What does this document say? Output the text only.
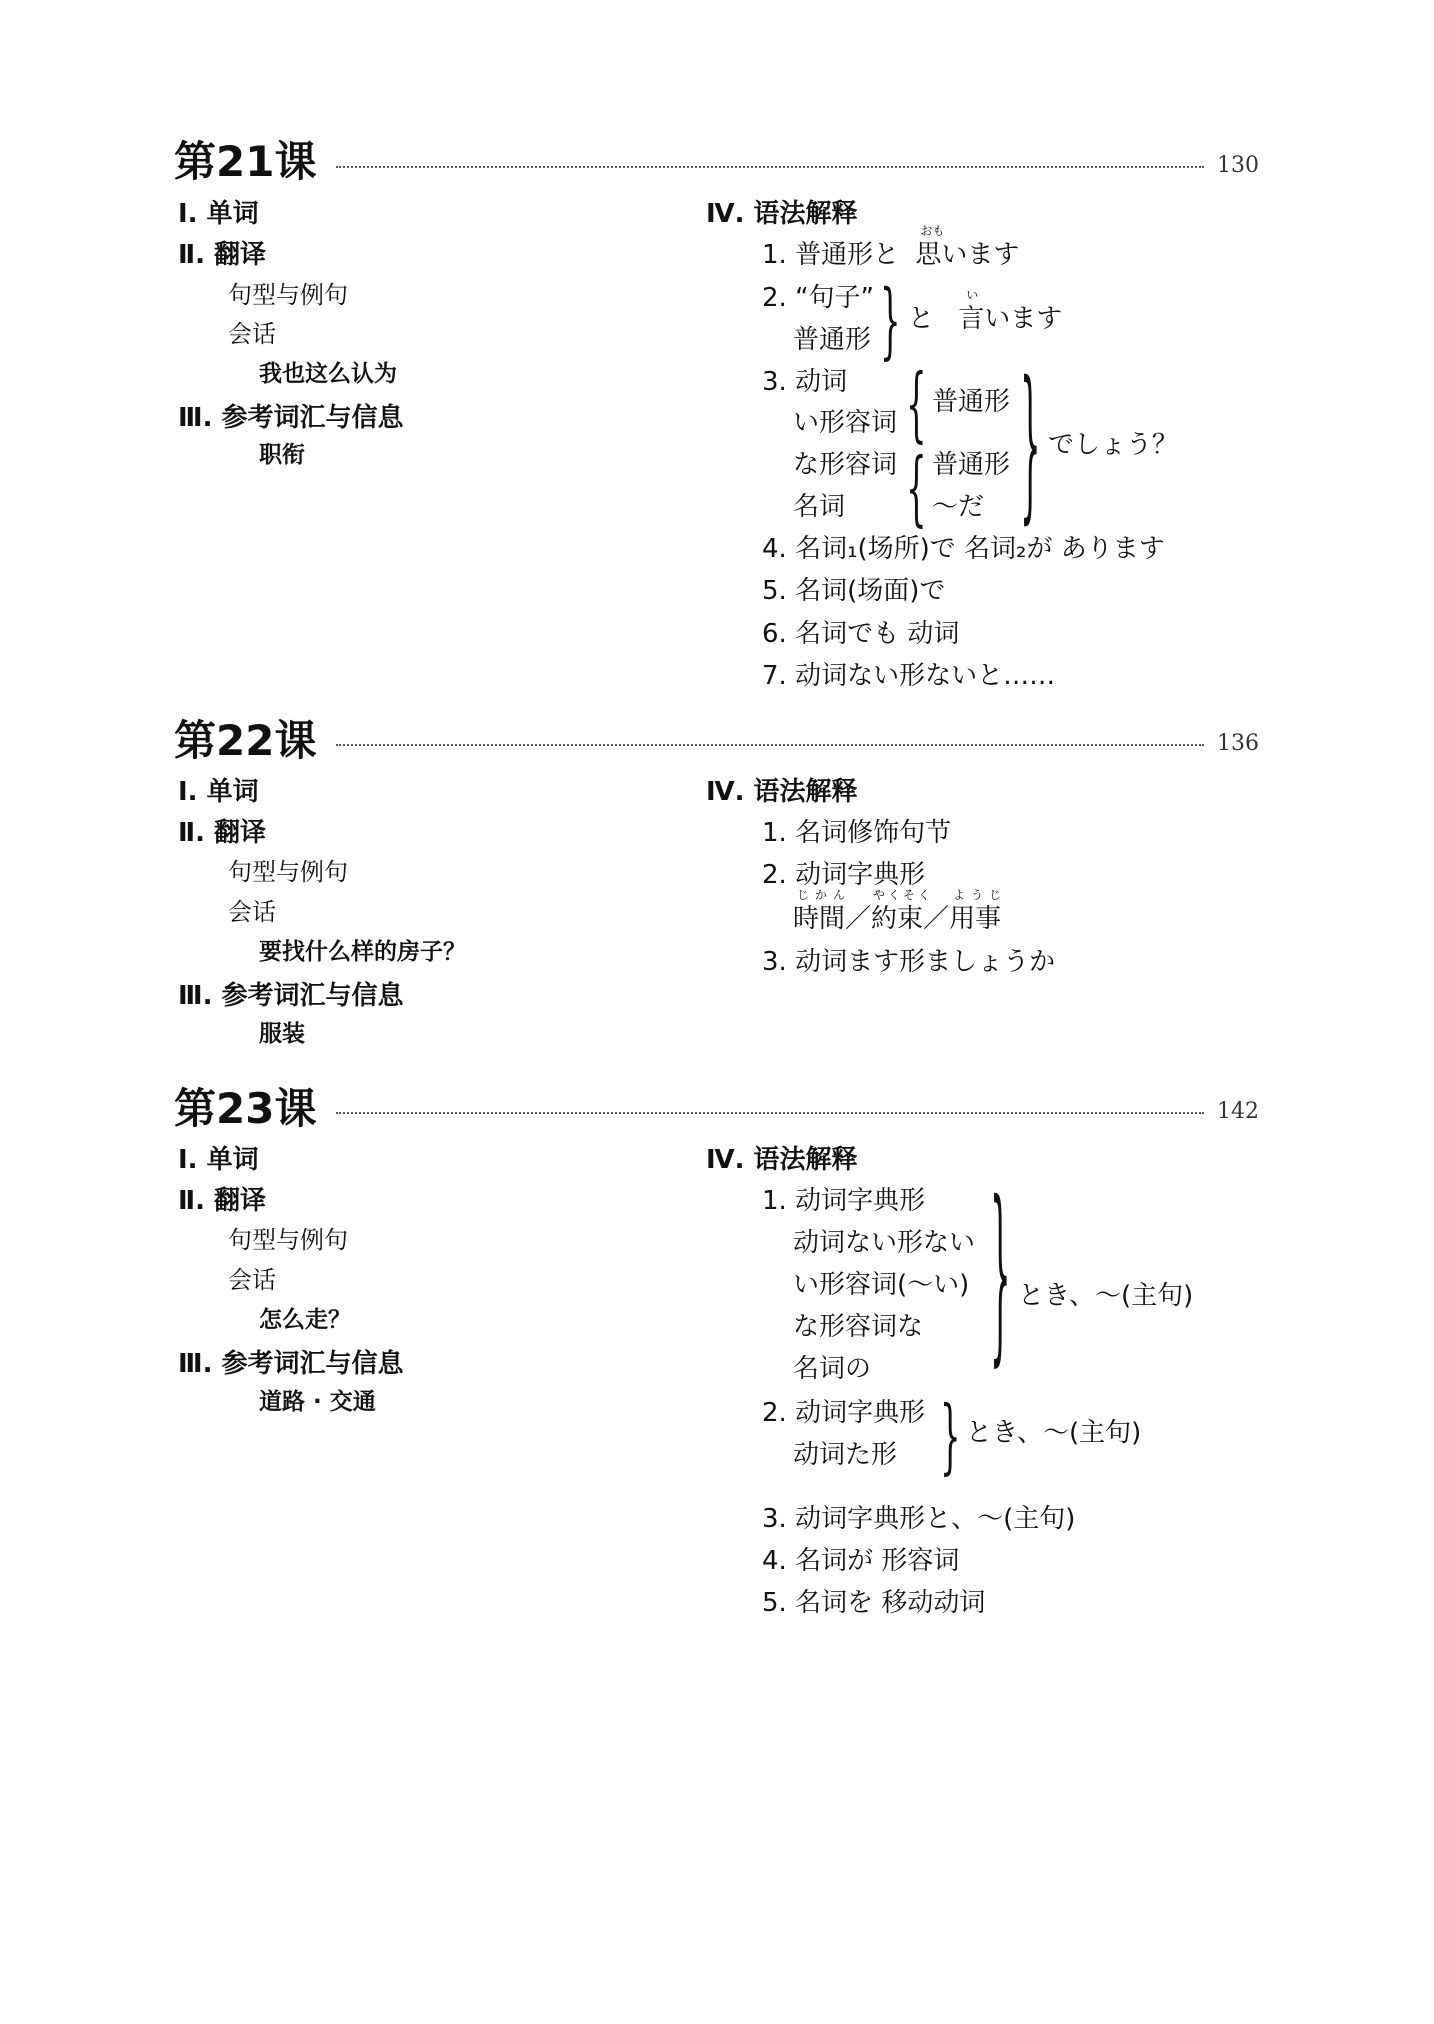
第21课	130
Ⅰ. 单词
Ⅱ. 翻译
句型与例句
会话
我也这么认为
Ⅲ. 参考词汇与信息
职衔
Ⅳ. 语法解释
1. 普通形と
おも
思います
2. “句子”
普通形 } と
い
言います
3. 动词
い形容词
な形容词
名词
{
{
普通形
普通形
～だ } でしょう？
4. 名词₁(场所)で 名词₂が あります
5. 名词(场面)で
6. 名词でも 动词
7. 动词ない形ないと……
第22课	136
Ⅰ. 单词
Ⅱ. 翻译
句型与例句
会话
要找什么样的房子？
Ⅲ. 参考词汇与信息
服装
Ⅳ. 语法解释
1. 名词修饰句节
2. 动词字典形
じかん
時間／
やくそく
約束／
ようじ
用事
3. 动词ます形ましょうか
第23课	142
Ⅰ. 单词
Ⅱ. 翻译
句型与例句
会话
怎么走？
Ⅲ. 参考词汇与信息
道路 · 交通
Ⅳ. 语法解释
1. 动词字典形
动词ない形ない
い形容词(～い)
な形容词な
名词の	} とき、～(主句)
2. 动词字典形
动词た形 } とき、～(主句)
3. 动词字典形と、～(主句)
4. 名词が 形容词
5. 名词を 移动动词
